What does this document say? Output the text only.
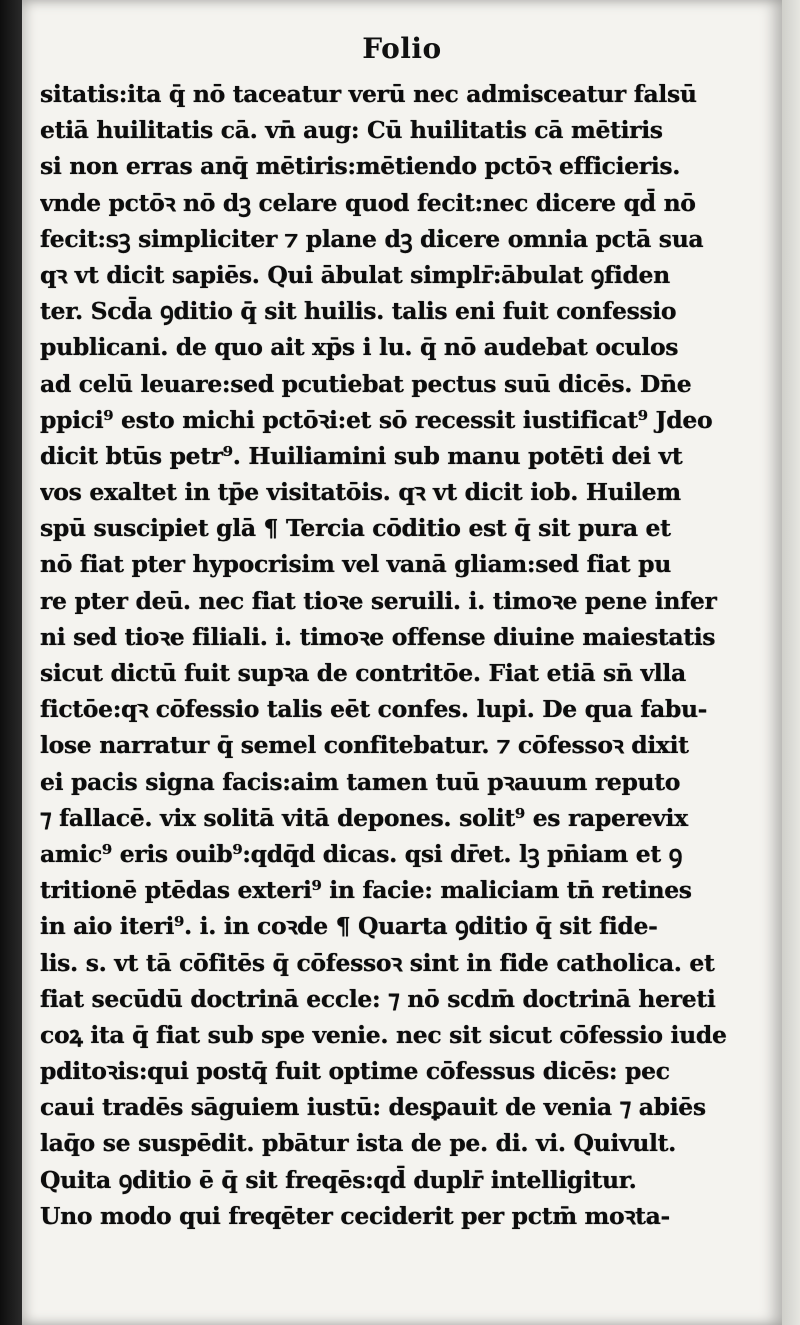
Folio
sitatis:ita q̄ nō taceatur verū nec admisceatur falsū
etiā huilitatis cā. vn̄ aug: Cū huilitatis cā mētiris
si non erras anq̄ mētiris:mētiendo pctōꝛ efficieris.
vnde pctōꝛ nō dꝫ celare quod fecit:nec dicere qd̄ nō
fecit:sꝫ simpliciter ⁊ plane dꝫ dicere omnia pctā sua
qꝛ vt dicit sapiēs. Qui ābulat simplr̄:ābulat ꝯfiden
ter. Scd̄a ꝯditio q̄ sit huilis. talis eni fuit confessio
publicani. de quo ait xp̄s i lu. q̄ nō audebat oculos
ad celū leuare:sed pcutiebat pectus suū dicēs. Dn̄e
ppici⁹ esto michi pctōꝛi:et sō recessit iustificat⁹ Jdeo
dicit btūs petr⁹. Huiliamini sub manu potēti dei vt
vos exaltet in tp̄e visitatōis. qꝛ vt dicit iob. Huilem
spū suscipiet glā ¶ Tercia cōditio est q̄ sit pura et
nō fiat pter hypocrisim vel vanā gliam:sed fiat pu
re pter deū. nec fiat tioꝛe seruili. i. timoꝛe pene infer
ni sed tioꝛe filiali. i. timoꝛe offense diuine maiestatis
sicut dictū fuit supꝛa de contritōe. Fiat etiā sn̄ vlla
fictōe:qꝛ cōfessio talis eēt confes. lupi. De qua fabu-
lose narratur q̄ semel confitebatur. ⁊ cōfessoꝛ dixit
ei pacis signa facis:aim tamen tuū pꝛauum reputo
⁊ fallacē. vix solitā vitā depones. solit⁹ es raperevix
amic⁹ eris ouib⁹:qdq̄d dicas. qsi dr̄et. lꝫ pn̄iam et ꝯ
tritionē ptēdas exteri⁹ in facie: maliciam tn̄ retines
in aio iteri⁹. i. in coꝛde ¶ Quarta ꝯditio q̄ sit fide-
lis. s. vt tā cōfitēs q̄ cōfessoꝛ sint in fide catholica. et
fiat secūdū doctrinā eccle: ⁊ nō scdm̄ doctrinā hereti
coꝝ ita q̄ fiat sub spe venie. nec sit sicut cōfessio iude
pditoꝛis:qui postq̄ fuit optime cōfessus dicēs: pec
caui tradēs sāguiem iustū: desꝑauit de venia ⁊ abiēs
laq̄o se suspēdit. pbātur ista de pe. di. vi. Quivult.
Quita ꝯditio ē q̄ sit freqēs:qd̄ duplr̄ intelligitur.
Uno modo qui freqēter ceciderit per pctm̄ moꝛta-
